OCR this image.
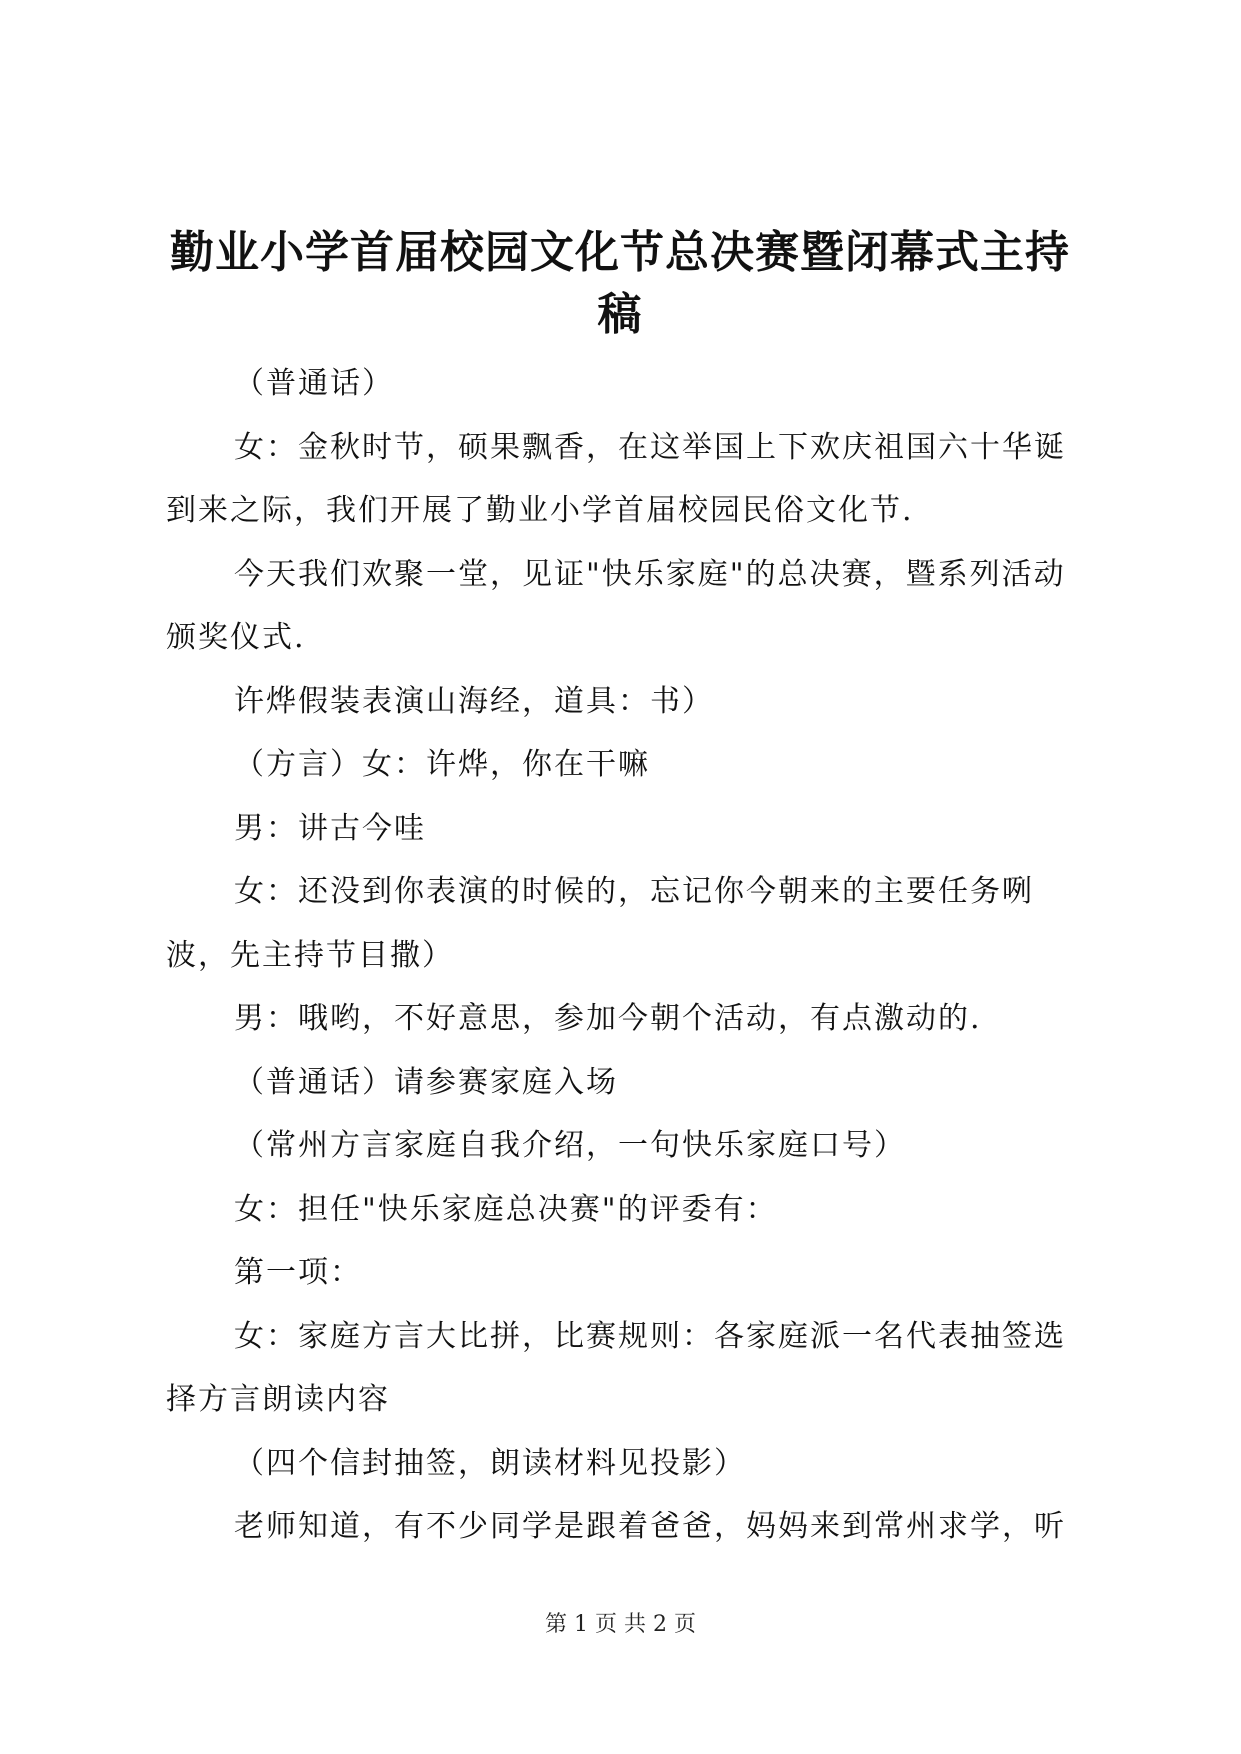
勤业小学首届校园文化节总决赛暨闭幕式主持
稿

（普通话）

女：金秋时节，硕果飘香，在这举国上下欢庆祖国六十华诞到来之际，我们开展了勤业小学首届校园民俗文化节.

今天我们欢聚一堂，见证"快乐家庭"的总决赛，暨系列活动颁奖仪式.

许烨假装表演山海经，道具：书）

（方言）女：许烨，你在干嘛

男：讲古今哇

女：还没到你表演的时候的，忘记你今朝来的主要任务咧波，先主持节目撒）

男：哦哟，不好意思，参加今朝个活动，有点激动的.

（普通话）请参赛家庭入场

（常州方言家庭自我介绍，一句快乐家庭口号）

女：担任"快乐家庭总决赛"的评委有：

第一项：

女：家庭方言大比拼，比赛规则：各家庭派一名代表抽签选择方言朗读内容

（四个信封抽签，朗读材料见投影）

老师知道，有不少同学是跟着爸爸，妈妈来到常州求学，听

第 1 页 共 2 页
